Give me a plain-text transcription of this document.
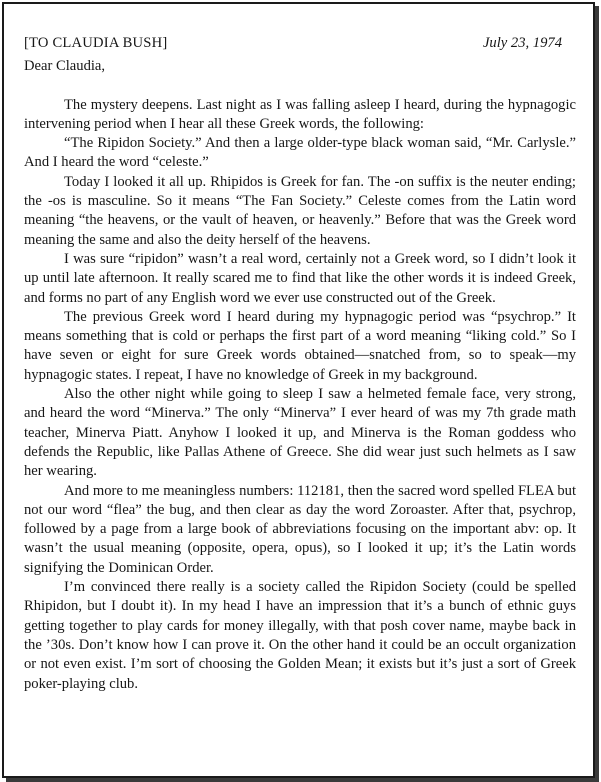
[TO CLAUDIA BUSH]	July 23, 1974
Dear Claudia,

The mystery deepens. Last night as I was falling asleep I heard, during the hypnagogic intervening period when I hear all these Greek words, the following:

“The Ripidon Society.” And then a large older-type black woman said, “Mr. Carlysle.” And I heard the word “celeste.”

Today I looked it all up. Rhipidos is Greek for fan. The -on suffix is the neuter ending; the -os is masculine. So it means “The Fan Society.” Celeste comes from the Latin word meaning “the heavens, or the vault of heaven, or heavenly.” Before that was the Greek word meaning the same and also the deity herself of the heavens.

I was sure “ripidon” wasn’t a real word, certainly not a Greek word, so I didn’t look it up until late afternoon. It really scared me to find that like the other words it is indeed Greek, and forms no part of any English word we ever use constructed out of the Greek.

The previous Greek word I heard during my hypnagogic period was “psychrop.” It means something that is cold or perhaps the first part of a word meaning “liking cold.” So I have seven or eight for sure Greek words obtained—snatched from, so to speak—my hypnagogic states. I repeat, I have no knowledge of Greek in my background.

Also the other night while going to sleep I saw a helmeted female face, very strong, and heard the word “Minerva.” The only “Minerva” I ever heard of was my 7th grade math teacher, Minerva Piatt. Anyhow I looked it up, and Minerva is the Roman goddess who defends the Republic, like Pallas Athene of Greece. She did wear just such helmets as I saw her wearing.

And more to me meaningless numbers: 112181, then the sacred word spelled FLEA but not our word “flea” the bug, and then clear as day the word Zoroaster. After that, psychrop, followed by a page from a large book of abbreviations focusing on the important abv: op. It wasn’t the usual meaning (opposite, opera, opus), so I looked it up; it’s the Latin words signifying the Dominican Order.

I’m convinced there really is a society called the Ripidon Society (could be spelled Rhipidon, but I doubt it). In my head I have an impression that it’s a bunch of ethnic guys getting together to play cards for money illegally, with that posh cover name, maybe back in the ’30s. Don’t know how I can prove it. On the other hand it could be an occult organization or not even exist. I’m sort of choosing the Golden Mean; it exists but it’s just a sort of Greek poker-playing club.
